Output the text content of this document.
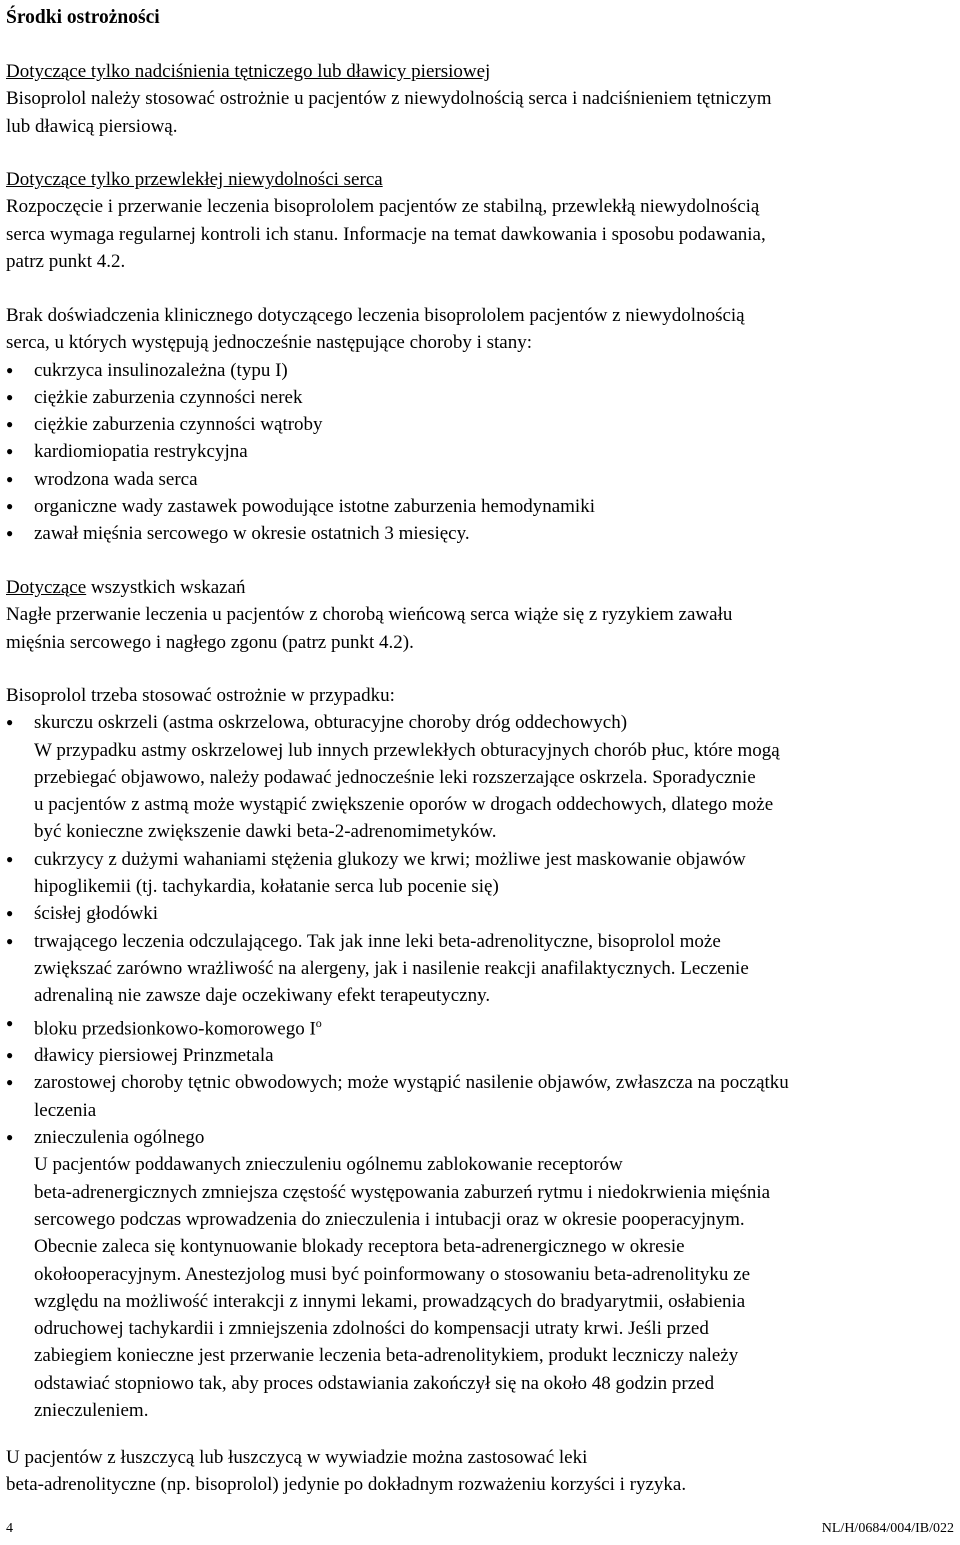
Środki ostrożności
Dotyczące tylko nadciśnienia tętniczego lub dławicy piersiowej
Bisoprolol należy stosować ostrożnie u pacjentów z niewydolnością serca i nadciśnieniem tętniczym
lub dławicą piersiową.
Dotyczące tylko przewlekłej niewydolności serca
Rozpoczęcie i przerwanie leczenia bisoprololem pacjentów ze stabilną, przewlekłą niewydolnością
serca wymaga regularnej kontroli ich stanu. Informacje na temat dawkowania i sposobu podawania,
patrz punkt 4.2.
Brak doświadczenia klinicznego dotyczącego leczenia bisoprololem pacjentów z niewydolnością
serca, u których występują jednocześnie następujące choroby i stany:
● cukrzyca insulinozależna (typu I)
● ciężkie zaburzenia czynności nerek
● ciężkie zaburzenia czynności wątroby
● kardiomiopatia restrykcyjna
● wrodzona wada serca
● organiczne wady zastawek powodujące istotne zaburzenia hemodynamiki
● zawał mięśnia sercowego w okresie ostatnich 3 miesięcy.
Dotyczące wszystkich wskazań
Nagłe przerwanie leczenia u pacjentów z chorobą wieńcową serca wiąże się z ryzykiem zawału
mięśnia sercowego i nagłego zgonu (patrz punkt 4.2).
Bisoprolol trzeba stosować ostrożnie w przypadku:
● skurczu oskrzeli (astma oskrzelowa, obturacyjne choroby dróg oddechowych)
W przypadku astmy oskrzelowej lub innych przewlekłych obturacyjnych chorób płuc, które mogą
przebiegać objawowo, należy podawać jednocześnie leki rozszerzające oskrzela. Sporadycznie
u pacjentów z astmą może wystąpić zwiększenie oporów w drogach oddechowych, dlatego może
być konieczne zwiększenie dawki beta-2-adrenomimetyków.
● cukrzycy z dużymi wahaniami stężenia glukozy we krwi; możliwe jest maskowanie objawów
hipoglikemii (tj. tachykardia, kołatanie serca lub pocenie się)
● ścisłej głodówki
● trwającego leczenia odczulającego. Tak jak inne leki beta-adrenolityczne, bisoprolol może
zwiększać zarówno wrażliwość na alergeny, jak i nasilenie reakcji anafilaktycznych. Leczenie
adrenaliną nie zawsze daje oczekiwany efekt terapeutyczny.
● bloku przedsionkowo-komorowego $I^o$
● dławicy piersiowej Prinzmetala
● zarostowej choroby tętnic obwodowych; może wystąpić nasilenie objawów, zwłaszcza na początku
leczenia
● znieczulenia ogólnego
U pacjentów poddawanych znieczuleniu ogólnemu zablokowanie receptorów
beta-adrenergicznych zmniejsza częstość występowania zaburzeń rytmu i niedokrwienia mięśnia
sercowego podczas wprowadzenia do znieczulenia i intubacji oraz w okresie pooperacyjnym.
Obecnie zaleca się kontynuowanie blokady receptora beta-adrenergicznego w okresie
okołooperacyjnym. Anestezjolog musi być poinformowany o stosowaniu beta-adrenolityku ze
względu na możliwość interakcji z innymi lekami, prowadzących do bradyarytmii, osłabienia
odruchowej tachykardii i zmniejszenia zdolności do kompensacji utraty krwi. Jeśli przed
zabiegiem konieczne jest przerwanie leczenia beta-adrenolitykiem, produkt leczniczy należy
odstawiać stopniowo tak, aby proces odstawiania zakończył się na około 48 godzin przed
znieczuleniem.
U pacjentów z łuszczycą lub łuszczycą w wywiadzie można zastosować leki
beta-adrenolityczne (np. bisoprolol) jedynie po dokładnym rozważeniu korzyści i ryzyka.
4	NL/H/0684/004/IB/022
